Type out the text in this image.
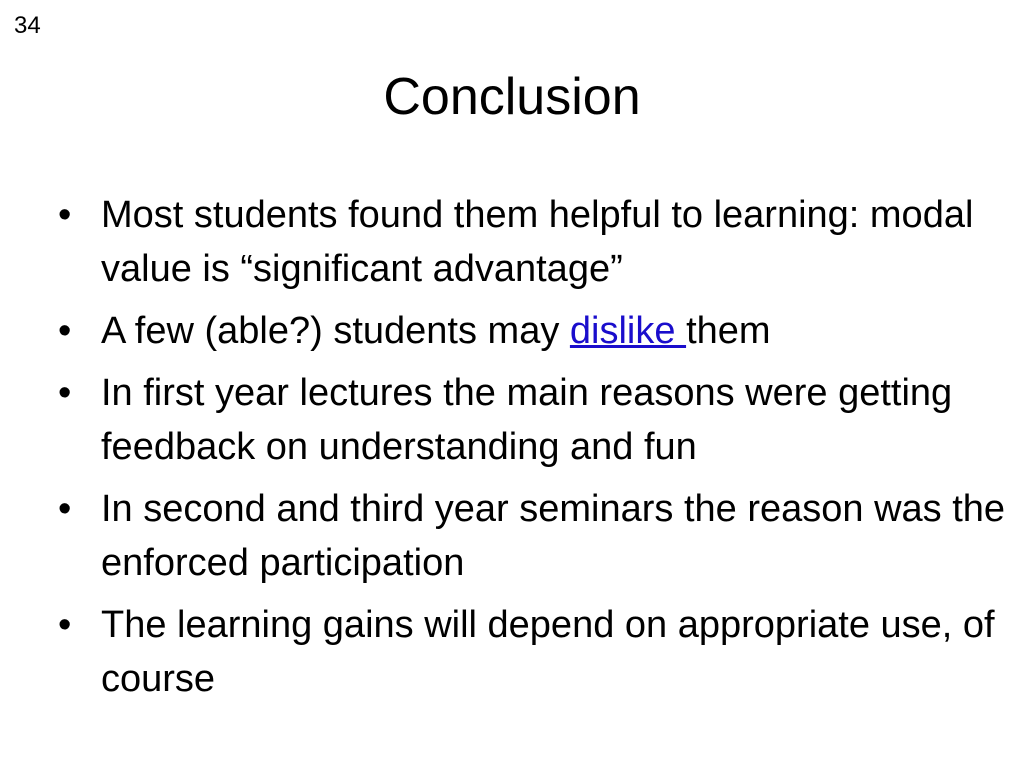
34
Conclusion
• Most students found them helpful to learning: modal value is “significant advantage”
• A few (able?) students may dislike them
• In first year lectures the main reasons were getting feedback on understanding and fun
• In second and third year seminars the reason was the enforced participation
• The learning gains will depend on appropriate use, of course
